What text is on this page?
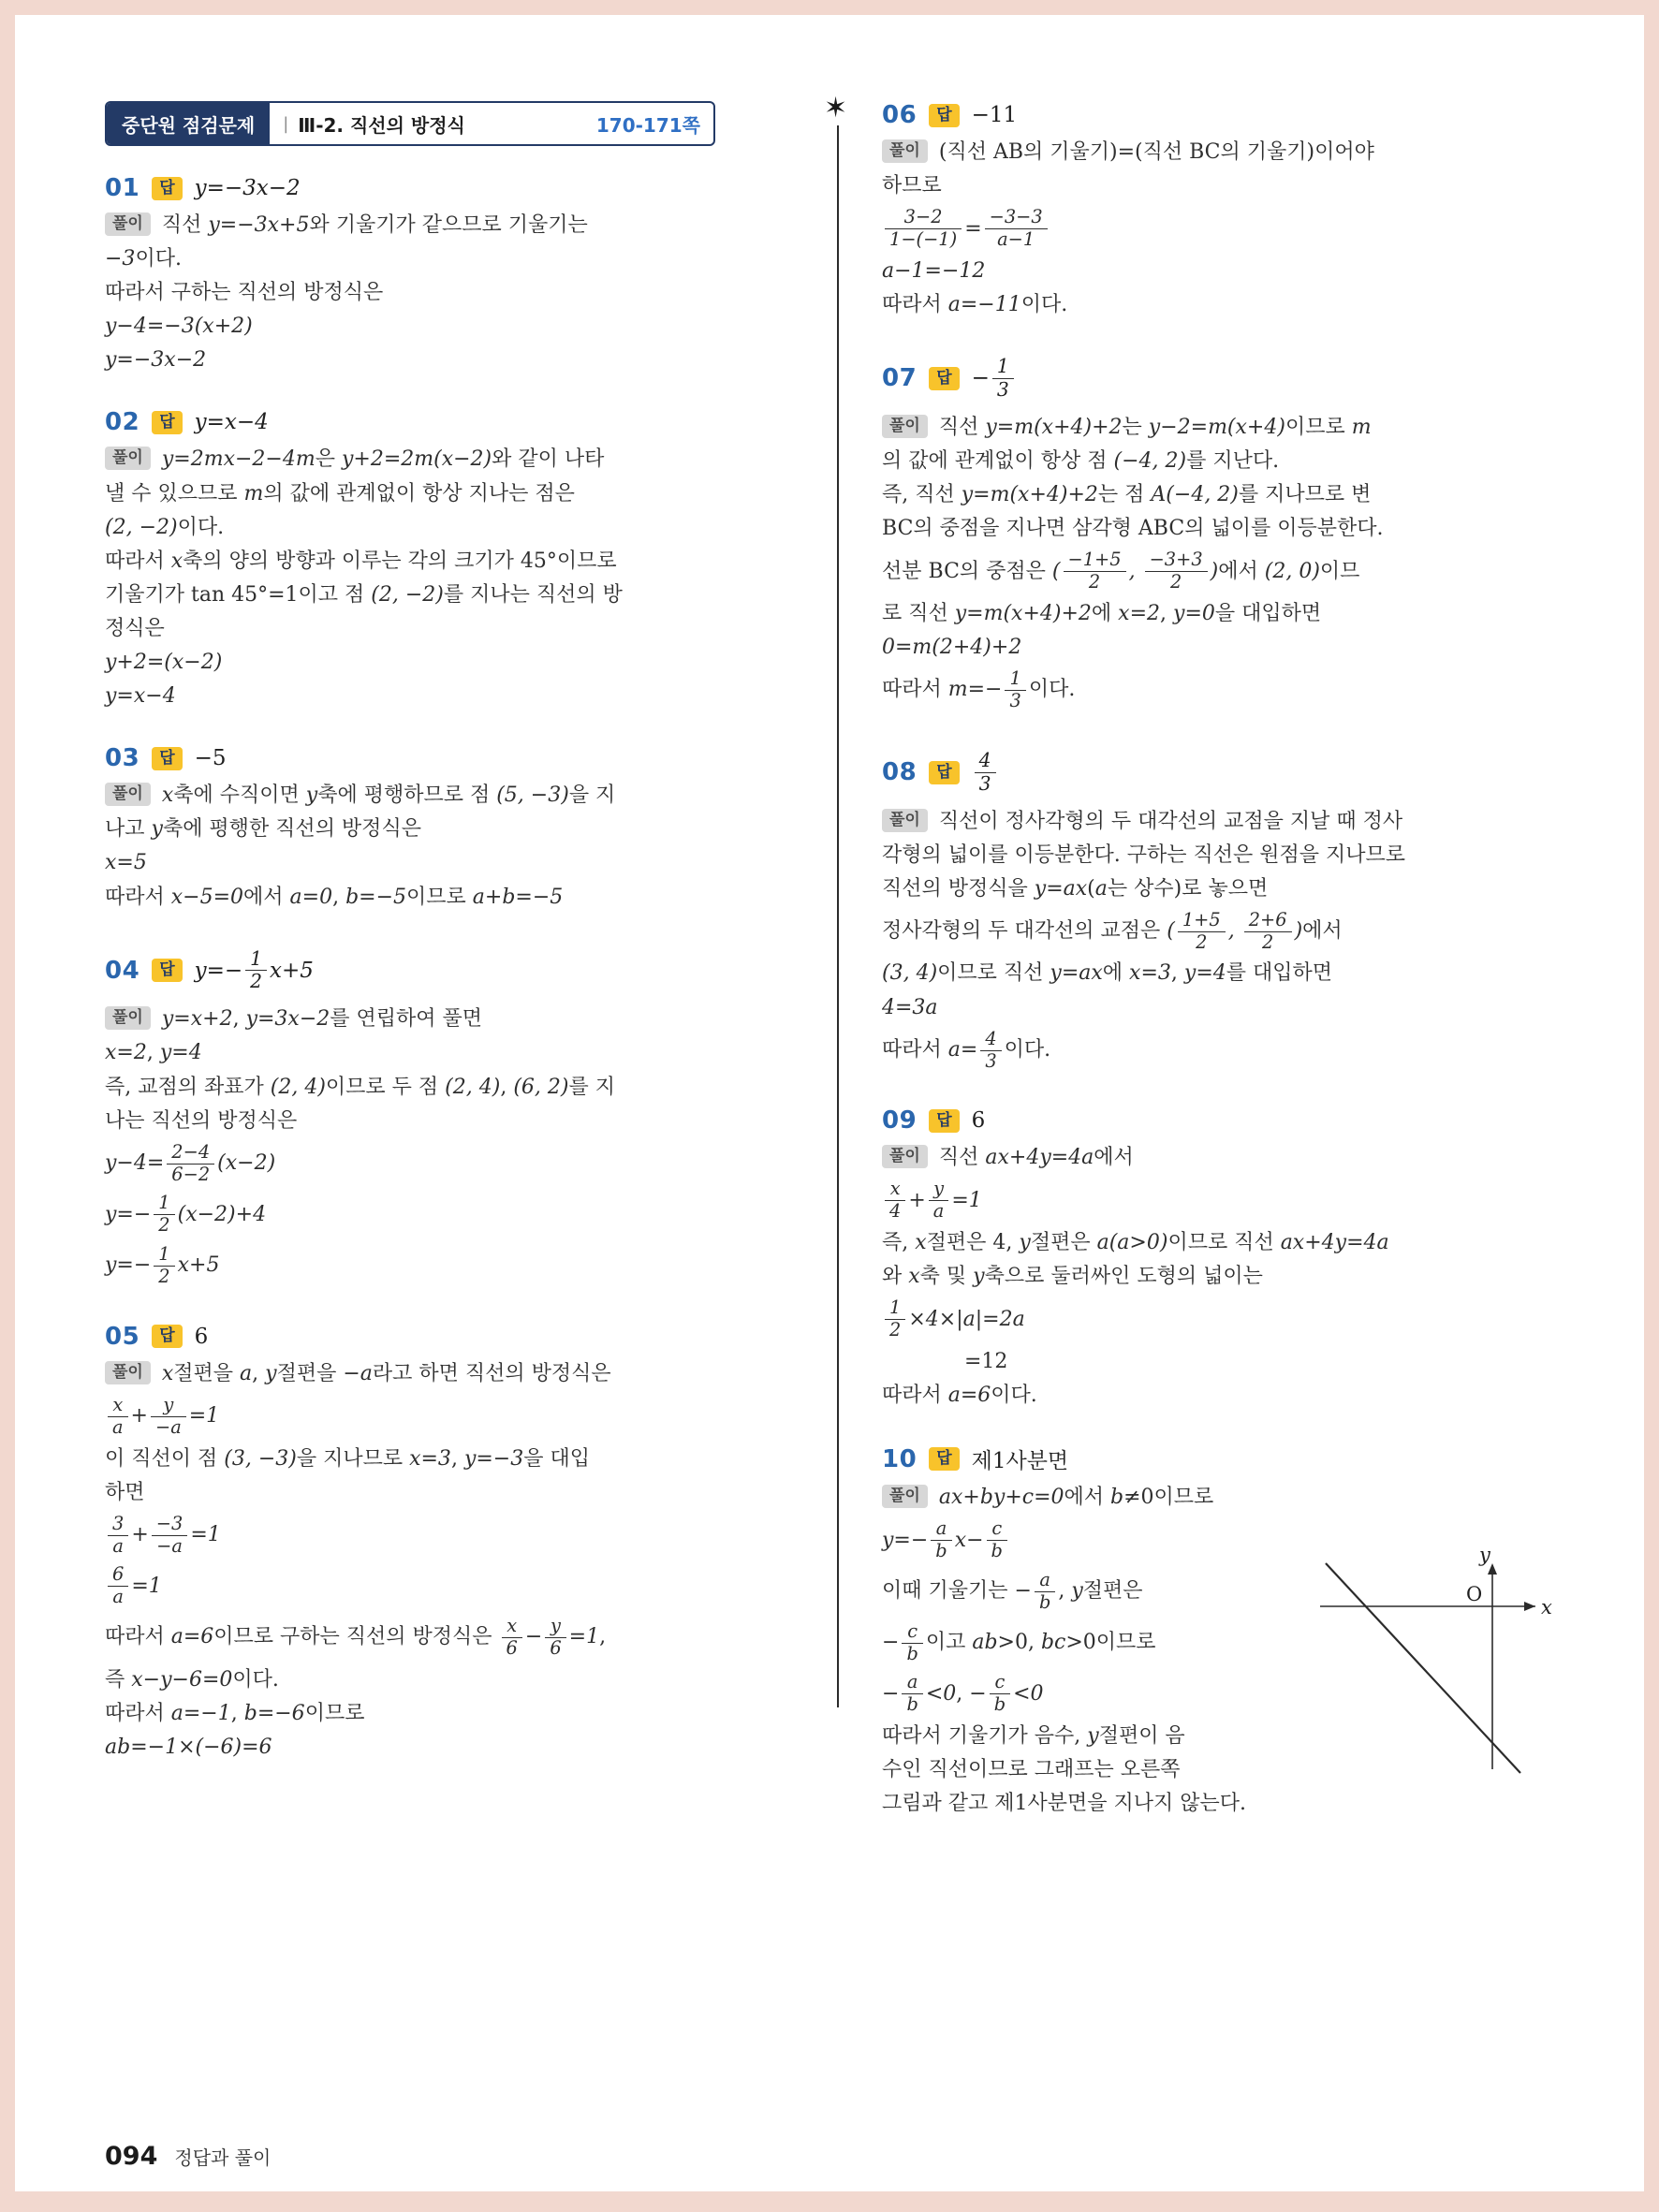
중단원 점검문제	| Ⅲ-2. 직선의 방정식	170-171쪽
✶
01	답 y=−3x−2
풀이 직선 y=−3x+5와 기울기가 같으므로 기울기는
−3이다.
따라서 구하는 직선의 방정식은
y−4=−3(x+2)
y=−3x−2
02	답 y=x−4
풀이 y=2mx−2−4m은 y+2=2m(x−2)와 같이 나타
낼 수 있으므로 m의 값에 관계없이 항상 지나는 점은
(2, −2)이다.
따라서 x축의 양의 방향과 이루는 각의 크기가 45°이므로
기울기가 tan 45°=1이고 점 (2, −2)를 지나는 직선의 방
정식은
y+2=(x−2)
y=x−4
03	답 −5
풀이 x축에 수직이면 y축에 평행하므로 점 (5, −3)을 지
나고 y축에 평행한 직선의 방정식은
x=5
따라서 x−5=0에서 a=0, b=−5이므로 a+b=−5
04	답 $y=- \frac{1}{2} x+5$
풀이 y=x+2, y=3x−2를 연립하여 풀면
x=2, y=4
즉, 교점의 좌표가 (2, 4)이므로 두 점 (2, 4), (6, 2)를 지
나는 직선의 방정식은
$y-4= \frac{2-4}{6-2} (x-2)$
$y=- \frac{1}{2} (x-2)+4$
$y=- \frac{1}{2} x+5$
05	답 6
풀이 x절편을 a, y절편을 −a라고 하면 직선의 방정식은
$\frac{x}{a} + \frac{y}{-a} =1$
이 직선이 점 (3, −3)을 지나므로 x=3, y=−3을 대입
하면
$\frac{3}{a} + \frac{-3}{-a} =1$
$\frac{6}{a} =1$
따라서 a=6이므로 구하는 직선의 방정식은 $\frac{x}{6} - \frac{y}{6} =1$,
즉 x−y−6=0이다.
따라서 a=−1, b=−6이므로
ab=−1×(−6)=6
06	답 −11
풀이 (직선 AB의 기울기)=(직선 BC의 기울기)이어야
하므로
$\frac{3-2}{1-(-1)} = \frac{-3-3}{a-1}$
a−1=−12
따라서 a=−11이다.
07	답 − $\frac{1}{3}$
풀이 직선 y=m(x+4)+2는 y−2=m(x+4)이므로 m
의 값에 관계없이 항상 점 (−4, 2)를 지난다.
즉, 직선 y=m(x+4)+2는 점 A(−4, 2)를 지나므로 변
BC의 중점을 지나면 삼각형 ABC의 넓이를 이등분한다.
선분 BC의 중점은 ( $\frac{-1+5}{2}$ , $\frac{-3+3}{2}$ )에서 (2, 0)이므
로 직선 y=m(x+4)+2에 x=2, y=0을 대입하면
0=m(2+4)+2
따라서 $m=- \frac{1}{3}$ 이다.
08	답	$\frac{4}{3}$
풀이 직선이 정사각형의 두 대각선의 교점을 지날 때 정사
각형의 넓이를 이등분한다. 구하는 직선은 원점을 지나므로
직선의 방정식을 y=ax(a는 상수)로 놓으면
정사각형의 두 대각선의 교점은 ( $\frac{1+5}{2}$ , $\frac{2+6}{2}$ )에서
(3, 4)이므로 직선 y=ax에 x=3, y=4를 대입하면
4=3a
따라서 $a= \frac{4}{3}$ 이다.
09	답 6
풀이 직선 ax+4y=4a에서
$\frac{x}{4} + \frac{y}{a} =1$
즉, x절편은 4, y절편은 a(a>0)이므로 직선 ax+4y=4a
와 x축 및 y축으로 둘러싸인 도형의 넓이는
$\frac{1}{2} \times 4\times|a|=2a$
    =12
따라서 a=6이다.
10	답 제1사분면
풀이 ax+by+c=0에서 b≠0이므로
$y=- \frac{a}{b} x- \frac{c}{b}$
이때 기울기는 − $\frac{a}{b}$ , y절편은
− $\frac{c}{b}$ 이고 ab>0, bc>0이므로
− $\frac{a}{b} <0$, − $\frac{c}{b} <0$
따라서 기울기가 음수, y절편이 음
수인 직선이므로 그래프는 오른쪽
그림과 같고 제1사분면을 지나지 않는다.
y
x
O
094 정답과 풀이
